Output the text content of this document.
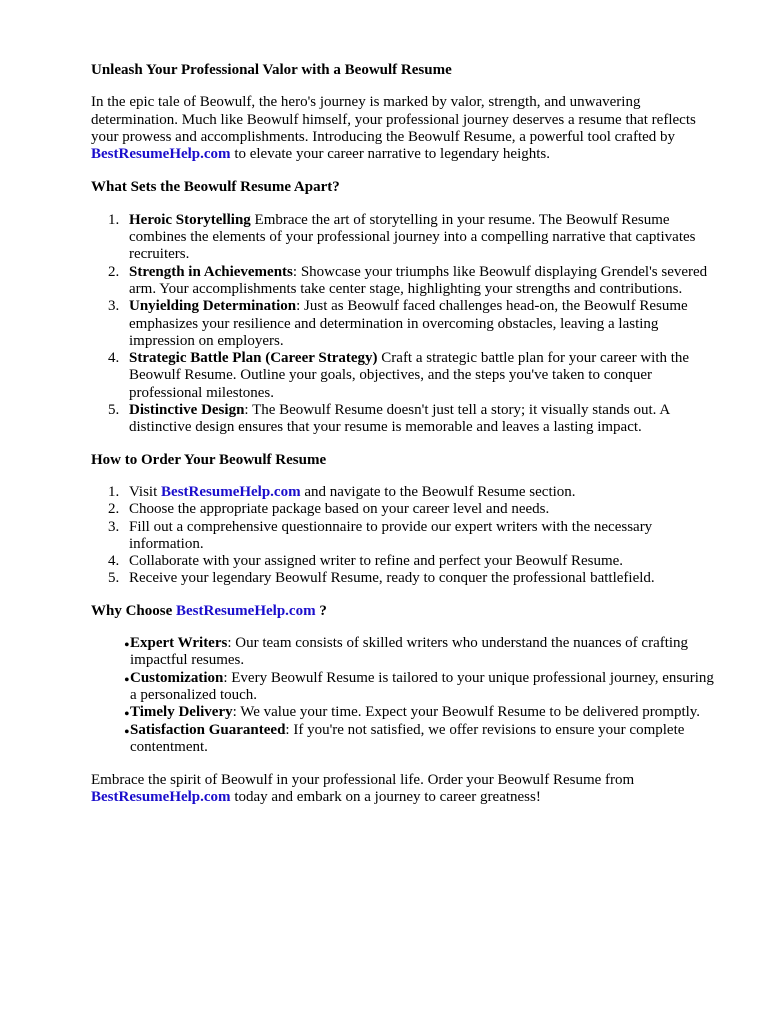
Unleash Your Professional Valor with a Beowulf Resume

In the epic tale of Beowulf, the hero's journey is marked by valor, strength, and unwavering determination. Much like Beowulf himself, your professional journey deserves a resume that reflects your prowess and accomplishments. Introducing the Beowulf Resume, a powerful tool crafted by BestResumeHelp.com to elevate your career narrative to legendary heights.

What Sets the Beowulf Resume Apart?
1. Heroic Storytelling Embrace the art of storytelling in your resume. The Beowulf Resume combines the elements of your professional journey into a compelling narrative that captivates recruiters.
2. Strength in Achievements: Showcase your triumphs like Beowulf displaying Grendel's severed arm. Your accomplishments take center stage, highlighting your strengths and contributions.
3. Unyielding Determination: Just as Beowulf faced challenges head-on, the Beowulf Resume emphasizes your resilience and determination in overcoming obstacles, leaving a lasting impression on employers.
4. Strategic Battle Plan (Career Strategy) Craft a strategic battle plan for your career with the Beowulf Resume. Outline your goals, objectives, and the steps you've taken to conquer professional milestones.
5. Distinctive Design: The Beowulf Resume doesn't just tell a story; it visually stands out. A distinctive design ensures that your resume is memorable and leaves a lasting impact.
How to Order Your Beowulf Resume
1. Visit BestResumeHelp.com and navigate to the Beowulf Resume section.
2. Choose the appropriate package based on your career level and needs.
3. Fill out a comprehensive questionnaire to provide our expert writers with the necessary information.
4. Collaborate with your assigned writer to refine and perfect your Beowulf Resume.
5. Receive your legendary Beowulf Resume, ready to conquer the professional battlefield.
Why Choose BestResumeHelp.com ?
• Expert Writers: Our team consists of skilled writers who understand the nuances of crafting impactful resumes.
• Customization: Every Beowulf Resume is tailored to your unique professional journey, ensuring a personalized touch.
• Timely Delivery: We value your time. Expect your Beowulf Resume to be delivered promptly.
• Satisfaction Guaranteed: If you're not satisfied, we offer revisions to ensure your complete contentment.

Embrace the spirit of Beowulf in your professional life. Order your Beowulf Resume from BestResumeHelp.com today and embark on a journey to career greatness!
